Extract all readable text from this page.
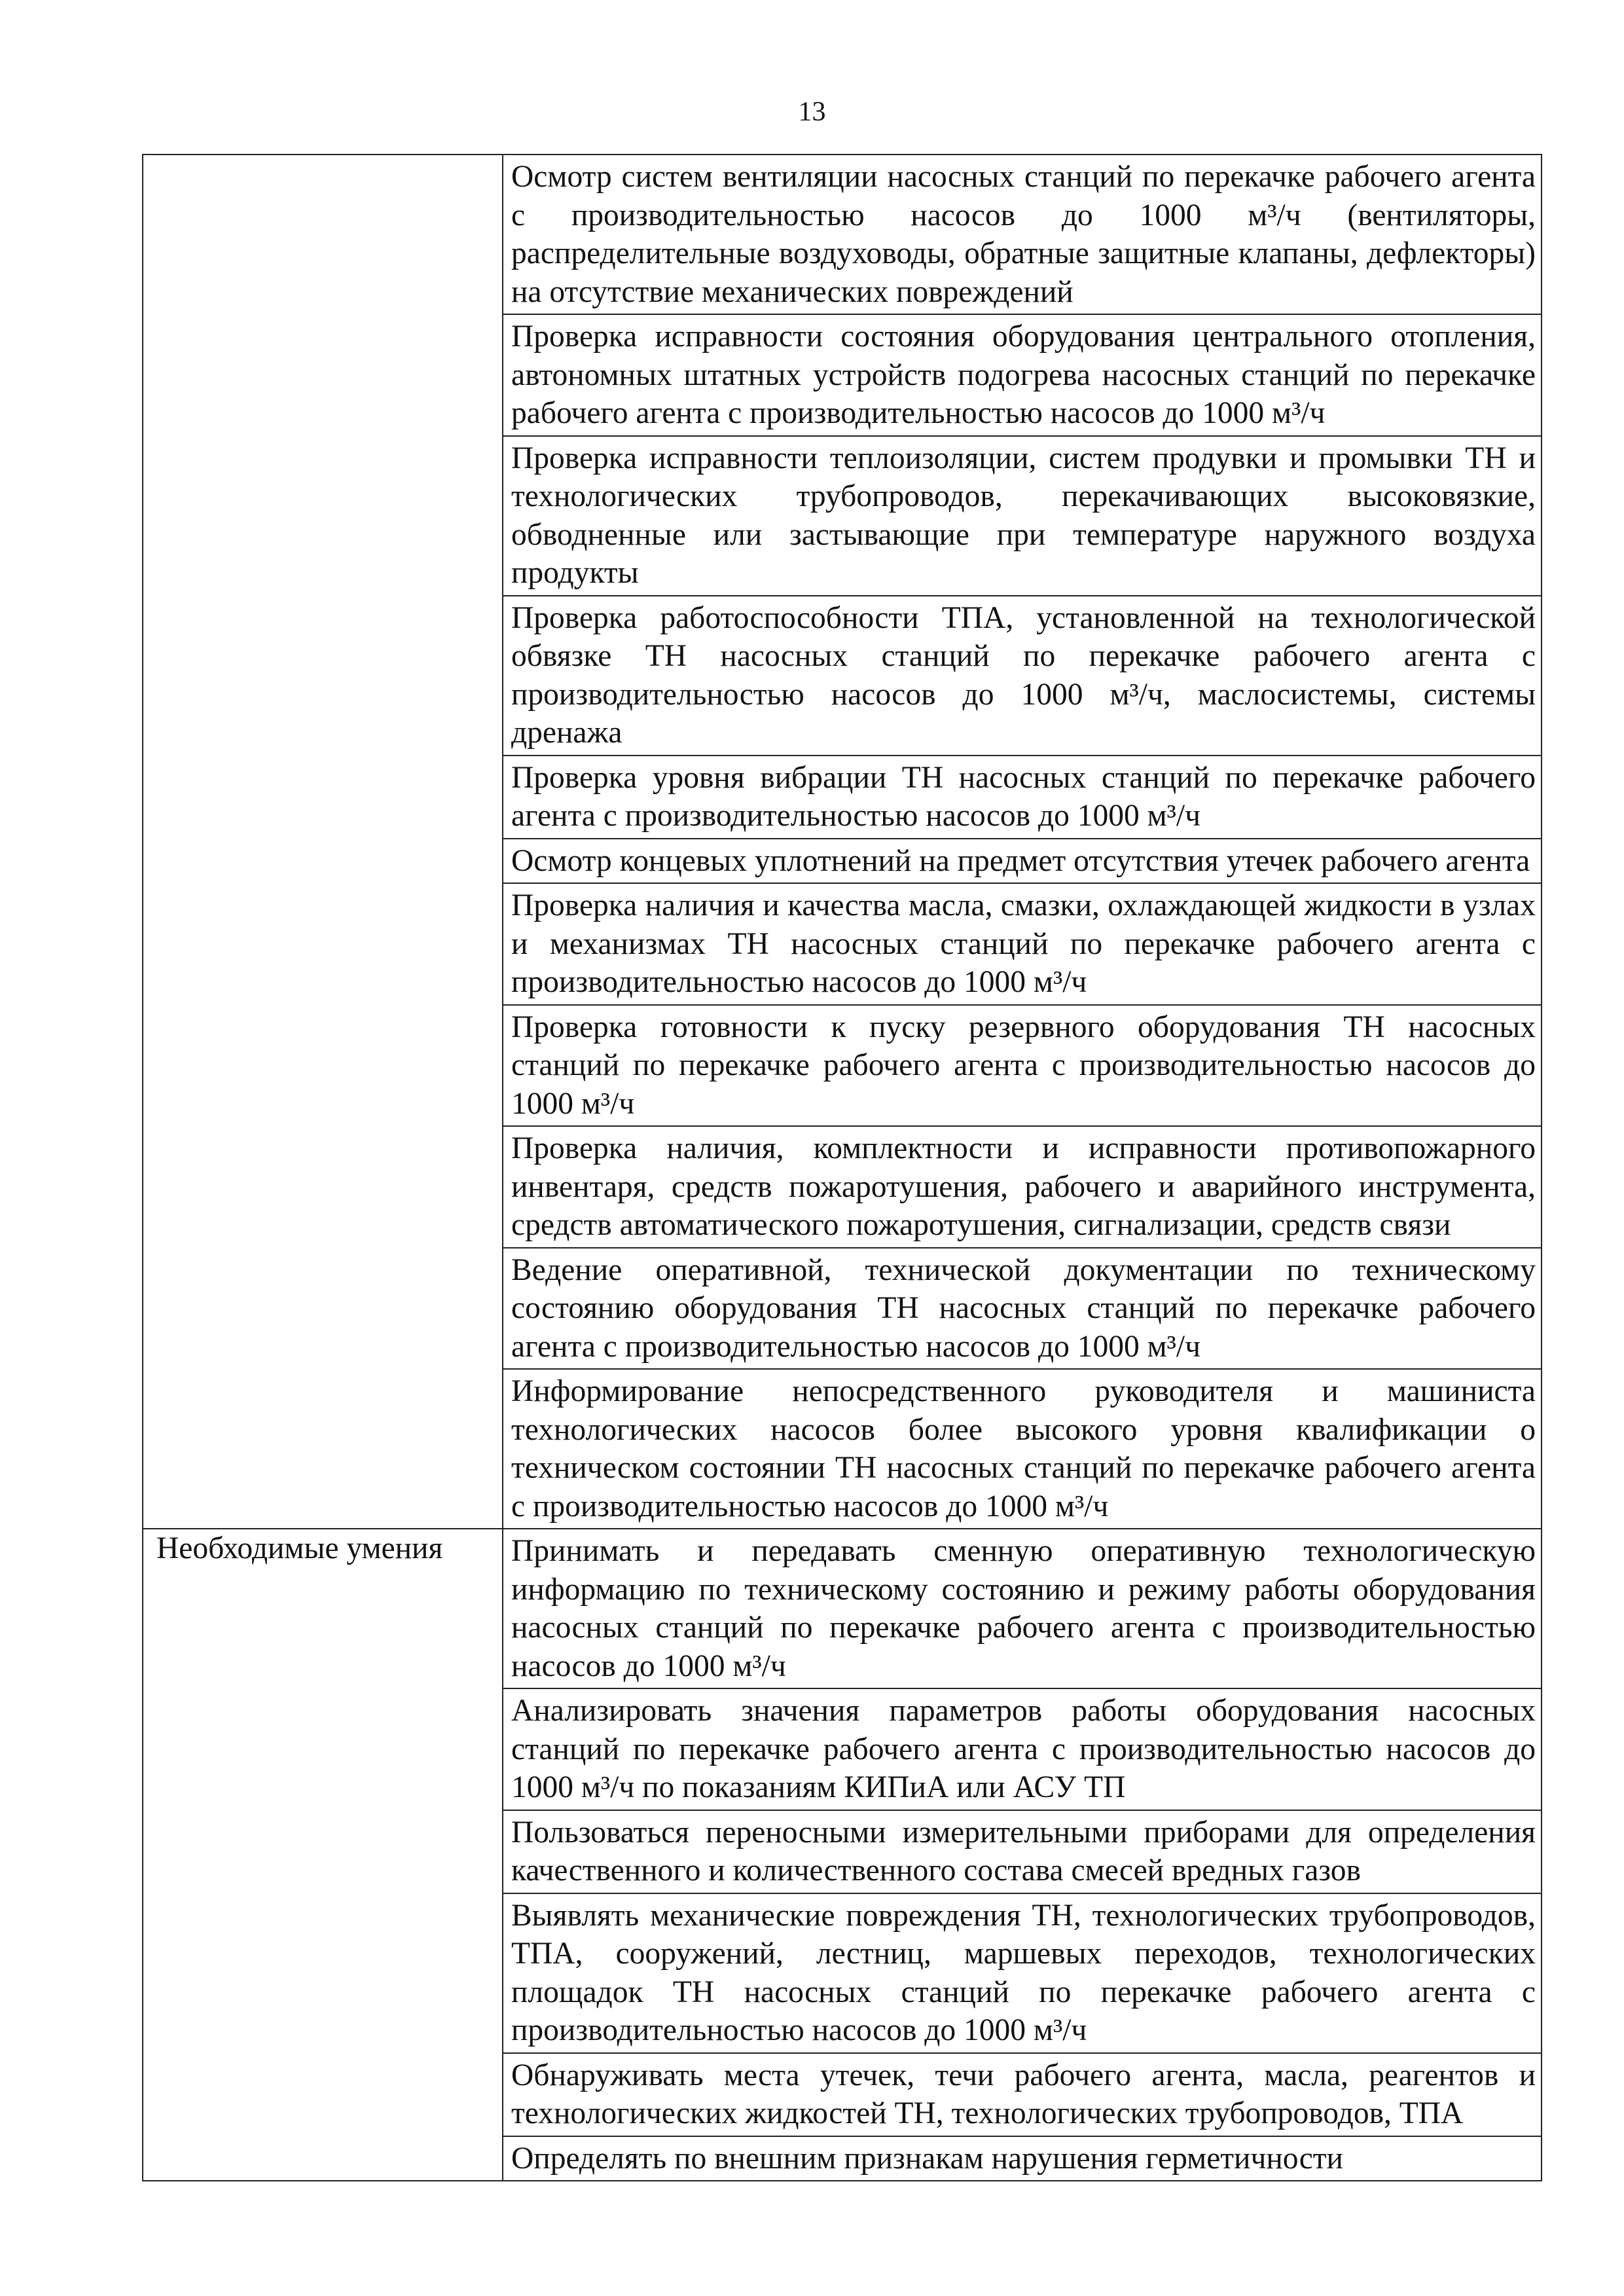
13

	Осмотр систем вентиляции насосных станций по перекачке рабочего агента с производительностью насосов до 1000 м³/ч (вентиляторы, распределительные воздуховоды, обратные защитные клапаны, дефлекторы) на отсутствие механических повреждений

	Проверка исправности состояния оборудования центрального отопления, автономных штатных устройств подогрева насосных станций по перекачке рабочего агента с производительностью насосов до 1000 м³/ч

	Проверка исправности теплоизоляции, систем продувки и промывки ТН и технологических трубопроводов, перекачивающих высоковязкие, обводненные или застывающие при температуре наружного воздуха продукты

	Проверка работоспособности ТПА, установленной на технологической обвязке ТН насосных станций по перекачке рабочего агента с производительностью насосов до 1000 м³/ч, маслосистемы, системы дренажа

	Проверка уровня вибрации ТН насосных станций по перекачке рабочего агента с производительностью насосов до 1000 м³/ч

	Осмотр концевых уплотнений на предмет отсутствия утечек рабочего агента

	Проверка наличия и качества масла, смазки, охлаждающей жидкости в узлах и механизмах ТН насосных станций по перекачке рабочего агента с производительностью насосов до 1000 м³/ч

	Проверка готовности к пуску резервного оборудования ТН насосных станций по перекачке рабочего агента с производительностью насосов до 1000 м³/ч

	Проверка наличия, комплектности и исправности противопожарного инвентаря, средств пожаротушения, рабочего и аварийного инструмента, средств автоматического пожаротушения, сигнализации, средств связи

	Ведение оперативной, технической документации по техническому состоянию оборудования ТН насосных станций по перекачке рабочего агента с производительностью насосов до 1000 м³/ч

	Информирование непосредственного руководителя и машиниста технологических насосов более высокого уровня квалификации о техническом состоянии ТН насосных станций по перекачке рабочего агента с производительностью насосов до 1000 м³/ч

Необходимые умения	Принимать и передавать сменную оперативную технологическую информацию по техническому состоянию и режиму работы оборудования насосных станций по перекачке рабочего агента с производительностью насосов до 1000 м³/ч

	Анализировать значения параметров работы оборудования насосных станций по перекачке рабочего агента с производительностью насосов до 1000 м³/ч по показаниям КИПиА или АСУ ТП

	Пользоваться переносными измерительными приборами для определения качественного и количественного состава смесей вредных газов

	Выявлять механические повреждения ТН, технологических трубопроводов, ТПА, сооружений, лестниц, маршевых переходов, технологических площадок ТН насосных станций по перекачке рабочего агента с производительностью насосов до 1000 м³/ч

	Обнаруживать места утечек, течи рабочего агента, масла, реагентов и технологических жидкостей ТН, технологических трубопроводов, ТПА

	Определять по внешним признакам нарушения герметичности
